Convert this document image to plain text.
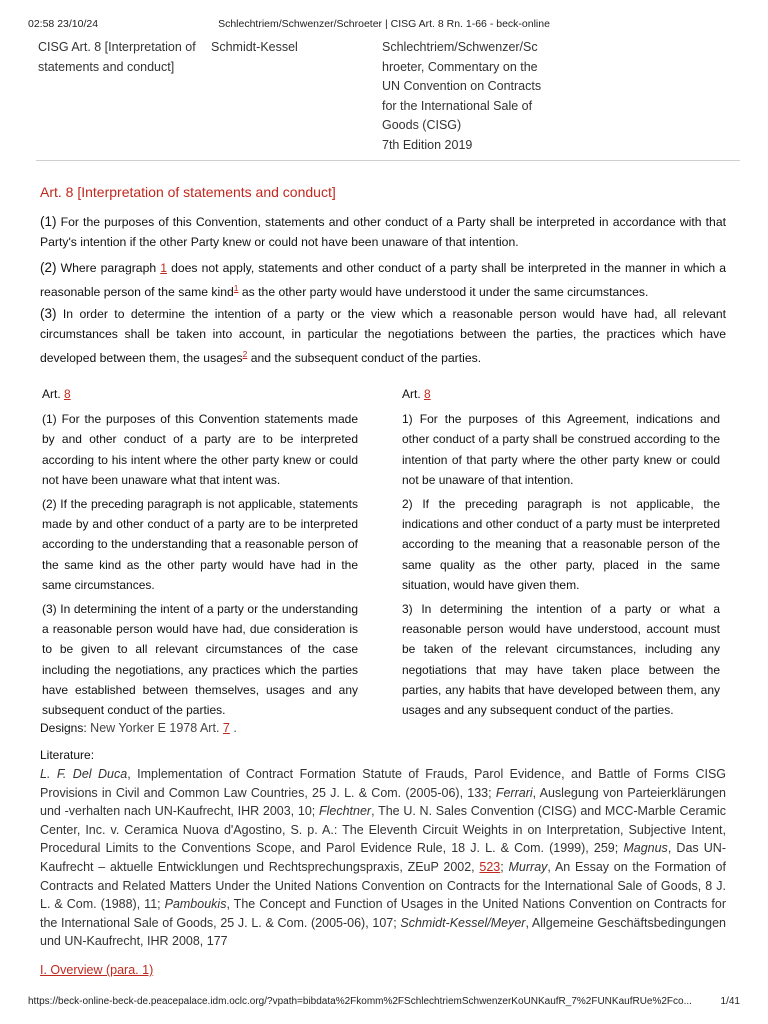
Schlechtriem/Schwenzer/Schroeter | CISG Art. 8 Rn. 1-66 - beck-online
02:58 23/10/24
CISG Art. 8 [Interpretation of statements and conduct]
Schmidt-Kessel	Schlechtriem/Schwenzer/Sc
hroeter, Commentary on the
UN Convention on Contracts
for the International Sale of
Goods (CISG)
7th Edition 2019
Art. 8 [Interpretation of statements and conduct]
(1) For the purposes of this Convention, statements and other conduct of a Party shall be interpreted in accordance with that Party's intention if the other Party knew or could not have been unaware of that intention.
(2) Where paragraph 1 does not apply, statements and other conduct of a party shall be interpreted in the manner in which a reasonable person of the same kind$^1$ as the other party would have understood it under the same circumstances.
(3) In order to determine the intention of a party or the view which a reasonable person would have had, all relevant circumstances shall be taken into account, in particular the negotiations between the parties, the practices which have developed between them, the usages$^2$ and the subsequent conduct of the parties.
Art. 8

(1) For the purposes of this Convention statements made by and other conduct of a party are to be interpreted according to his intent where the other party knew or could not have been unaware what that intent was.

(2) If the preceding paragraph is not applicable, statements made by and other conduct of a party are to be interpreted according to the understanding that a reasonable person of the same kind as the other party would have had in the same circumstances.

(3) In determining the intent of a party or the understanding a reasonable person would have had, due consideration is to be given to all relevant circumstances of the case including the negotiations, any practices which the parties have established between themselves, usages and any subsequent conduct of the parties.

Art. 8

1) For the purposes of this Agreement, indications and other conduct of a party shall be construed according to the intention of that party where the other party knew or could not be unaware of that intention.

2) If the preceding paragraph is not applicable, the indications and other conduct of a party must be interpreted according to the meaning that a reasonable person of the same quality as the other party, placed in the same situation, would have given them.

3) In determining the intention of a party or what a reasonable person would have understood, account must be taken of the relevant circumstances, including any negotiations that may have taken place between the parties, any habits that have developed between them, any usages and any subsequent conduct of the parties.

Designs: New Yorker E 1978 Art. 7 .
Literature:
L. F. Del Duca, Implementation of Contract Formation Statute of Frauds, Parol Evidence, and Battle of Forms CISG Provisions in Civil and Common Law Countries, 25 J. L. & Com. (2005-06), 133; Ferrari, Auslegung von Parteierklärungen und -verhalten nach UN-Kaufrecht, IHR 2003, 10; Flechtner, The U. N. Sales Convention (CISG) and MCC-Marble Ceramic Center, Inc. v. Ceramica Nuova d'Agostino, S. p. A.: The Eleventh Circuit Weights in on Interpretation, Subjective Intent, Procedural Limits to the Conventions Scope, and Parol Evidence Rule, 18 J. L. & Com. (1999), 259; Magnus, Das UN-Kaufrecht – aktuelle Entwicklungen und Rechtsprechungspraxis, ZEuP 2002, 523; Murray, An Essay on the Formation of Contracts and Related Matters Under the United Nations Convention on Contracts for the International Sale of Goods, 8 J. L. & Com. (1988), 11; Pamboukis, The Concept and Function of Usages in the United Nations Convention on Contracts for the International Sale of Goods, 25 J. L. & Com. (2005-06), 107; Schmidt-Kessel/Meyer, Allgemeine Geschäftsbedingungen und UN-Kaufrecht, IHR 2008, 177
I. Overview (para. 1)
https://beck-online-beck-de.peacepalace.idm.oclc.org/?vpath=bibdata%2Fkomm%2FSchlechtriemSchwenzerKoUNKaufR_7%2FUNKaufRUe%2Fco...	1/41
